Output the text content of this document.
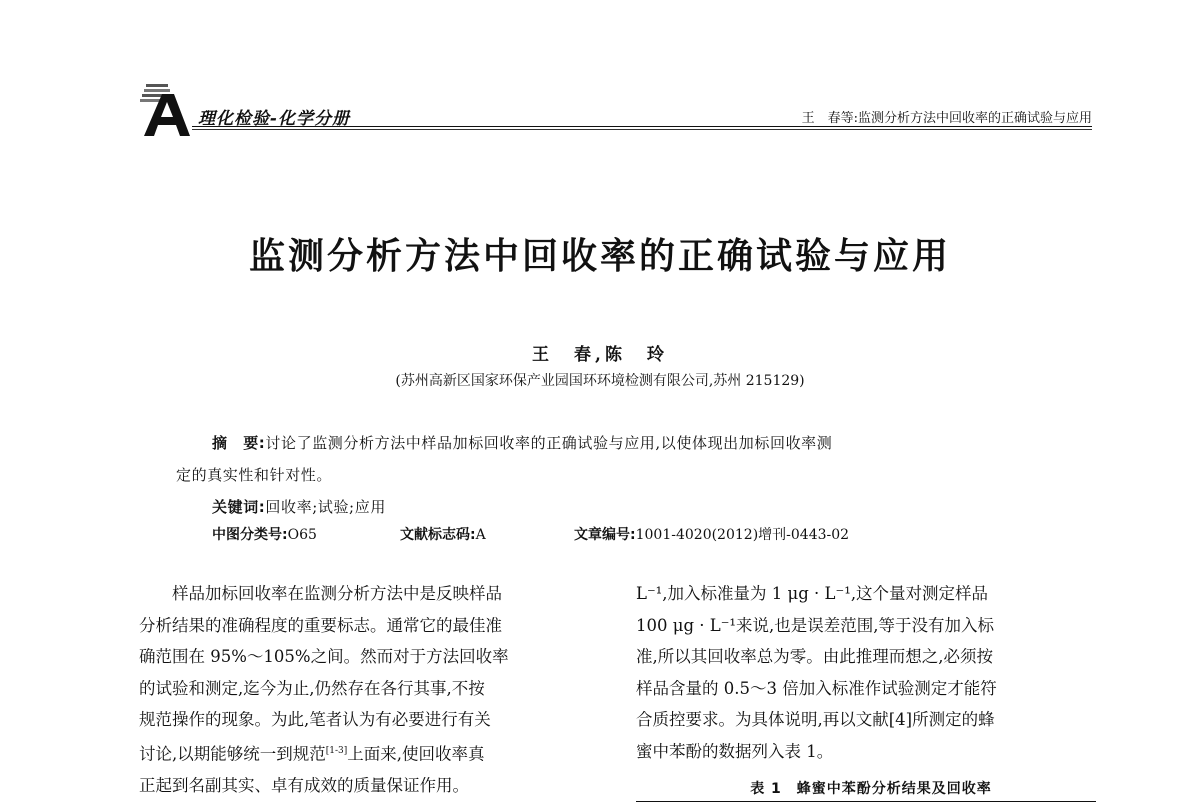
理化检验-化学分册	王　春等:监测分析方法中回收率的正确试验与应用
监测分析方法中回收率的正确试验与应用
王　春,陈　玲
(苏州高新区国家环保产业园国环环境检测有限公司,苏州 215129)
摘　要:讨论了监测分析方法中样品加标回收率的正确试验与应用,以使体现出加标回收率测
定的真实性和针对性。
关键词:回收率;试验;应用
中图分类号:O65	文献标志码:A	文章编号:1001-4020(2012)增刊-0443-02
样品加标回收率在监测分析方法中是反映样品
分析结果的准确程度的重要标志。通常它的最佳准
确范围在 95%～105%之间。然而对于方法回收率
的试验和测定,迄今为止,仍然存在各行其事,不按
规范操作的现象。为此,笔者认为有必要进行有关
讨论,以期能够统一到规范[1-3]上面来,使回收率真
正起到名副其实、卓有成效的质量保证作用。
L⁻¹,加入标准量为 1 μg · L⁻¹,这个量对测定样品
100 μg · L⁻¹来说,也是误差范围,等于没有加入标
准,所以其回收率总为零。由此推理而想之,必须按
样品含量的 0.5～3 倍加入标准作试验测定才能符
合质控要求。为具体说明,再以文献[4]所测定的蜂
蜜中苯酚的数据列入表 1。
表 1　蜂蜜中苯酚分析结果及回收率
